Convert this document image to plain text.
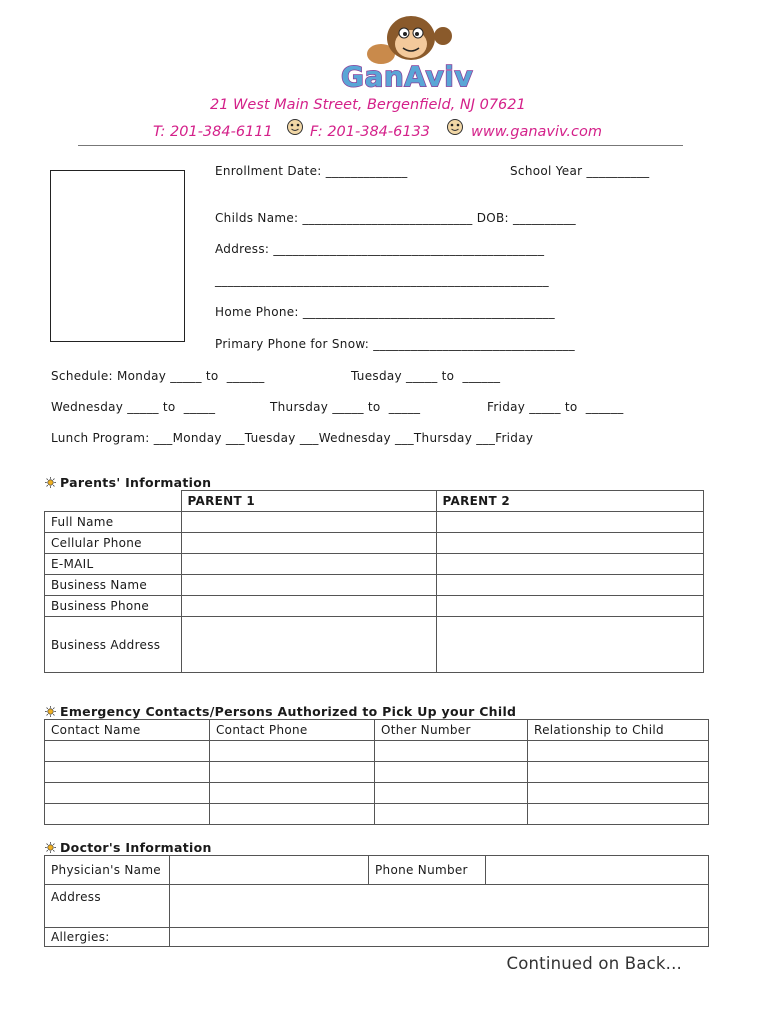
GanAviv
21 West Main Street, Bergenfield, NJ 07621
T: 201-384-6111	F: 201-384-6133	www.ganaviv.com
Enrollment Date: _____________	School Year __________
Childs Name: ___________________________ DOB: __________
Address: ___________________________________________
_____________________________________________________
Home Phone: ________________________________________
Primary Phone for Snow: ________________________________
Schedule: Monday _____ to  ______	Tuesday _____ to  ______
Wednesday _____ to  _____	Thursday _____ to  _____	Friday _____ to  ______
Lunch Program: ___Monday ___Tuesday ___Wednesday ___Thursday ___Friday
Parents' Information
	PARENT 1	PARENT 2
Full Name		
Cellular Phone		
E-MAIL		
Business Name		
Business Phone		
Business Address		
Emergency Contacts/Persons Authorized to Pick Up your Child
Contact Name	Contact Phone	Other Number	Relationship to Child

Doctor's Information
Physician's Name		Phone Number	
Address			
Allergies:			
Continued on Back...
